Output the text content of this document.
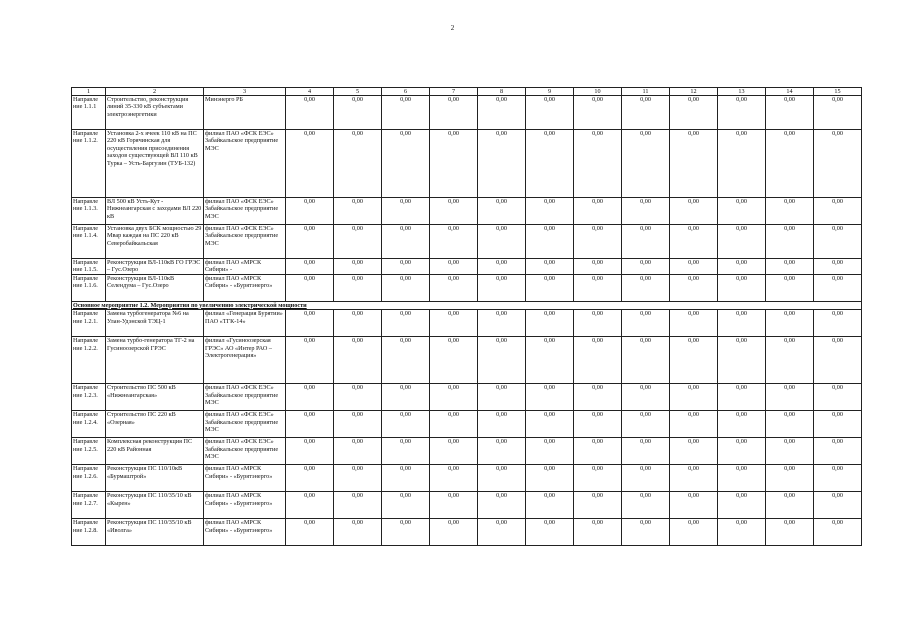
2
1	2	3	4	5	6	7	8	9	10	11	12	13	14	15
Направле ние 1.1.1	Строительство, реконструкция линий 35-330 кВ субъектами электроэнергетики	Минэнерго РБ	0,00	0,00	0,00	0,00	0,00	0,00	0,00	0,00	0,00	0,00	0,00	0,00
Направле ние 1.1.2.	Установка 2-х ячеек 110 кВ на ПС 220 кВ Горячинская для осуществления присоединения заходов существующей ВЛ 110 кВ Турка – Усть-Баргузин (ТУБ-132)	филиал ПАО «ФСК ЕЭС» Забайкальское предприятие МЭС	0,00	0,00	0,00	0,00	0,00	0,00	0,00	0,00	0,00	0,00	0,00	0,00
Направле ние 1.1.3.	ВЛ 500 кВ Усть-Кут - Нижнеангарская с заходами ВЛ 220 кВ	филиал ПАО «ФСК ЕЭС» Забайкальское предприятие МЭС	0,00	0,00	0,00	0,00	0,00	0,00	0,00	0,00	0,00	0,00	0,00	0,00
Направле ние 1.1.4.	Установка двух БСК мощностью 29 Мвар каждая на ПС 220 кВ Северобайкальская	филиал ПАО «ФСК ЕЭС» Забайкальское предприятие МЭС	0,00	0,00	0,00	0,00	0,00	0,00	0,00	0,00	0,00	0,00	0,00	0,00
Направле ние 1.1.5.	Реконструкция ВЛ-110кВ ГО ГРЭС – Гус.Озеро	филиал ПАО «МРСК Сибири» -	0,00	0,00	0,00	0,00	0,00	0,00	0,00	0,00	0,00	0,00	0,00	0,00
Направле ние 1.1.6.	Реконструкция ВЛ-110кВ Селендума – Гус.Озеро	филиал ПАО «МРСК Сибири» - «Бурятэнерго»	0,00	0,00	0,00	0,00	0,00	0,00	0,00	0,00	0,00	0,00	0,00	0,00
Основное мероприятие 1.2. Мероприятия по увеличению электрической мощности														
Направле ние 1.2.1.	Замена турбогенератора №6 на Улан-Удэнской ТЭЦ-1	филиал «Генерация Бурятии» ПАО «ТГК-14»	0,00	0,00	0,00	0,00	0,00	0,00	0,00	0,00	0,00	0,00	0,00	0,00
Направле ние 1.2.2.	Замена турбо-генератора ТГ-2 на Гусиноозерской ГРЭС	филиал «Гусиноозерская ГРЭС» АО «Интер РАО – Электрогенерация»	0,00	0,00	0,00	0,00	0,00	0,00	0,00	0,00	0,00	0,00	0,00	0,00
Направле ние 1.2.3.	Строительство ПС 500 кВ «Нижнеангарская»	филиал ПАО «ФСК ЕЭС» Забайкальское предприятие МЭС	0,00	0,00	0,00	0,00	0,00	0,00	0,00	0,00	0,00	0,00	0,00	0,00
Направле ние 1.2.4.	Строительство ПС 220 кВ «Озерная»	филиал ПАО «ФСК ЕЭС» Забайкальское предприятие МЭС	0,00	0,00	0,00	0,00	0,00	0,00	0,00	0,00	0,00	0,00	0,00	0,00
Направле ние 1.2.5.	Комплексная реконструкция ПС 220 кВ Районная	филиал ПАО «ФСК ЕЭС» Забайкальское предприятие МЭС	0,00	0,00	0,00	0,00	0,00	0,00	0,00	0,00	0,00	0,00	0,00	0,00
Направле ние 1.2.6.	Реконструкция ПС 110/10кВ «Бурмаштрой»	филиал ПАО «МРСК Сибири» - «Бурятэнерго»	0,00	0,00	0,00	0,00	0,00	0,00	0,00	0,00	0,00	0,00	0,00	0,00
Направле ние 1.2.7.	Реконструкция ПС 110/35/10 кВ «Кырен»	филиал ПАО «МРСК Сибири» - «Бурятэнерго»	0,00	0,00	0,00	0,00	0,00	0,00	0,00	0,00	0,00	0,00	0,00	0,00
Направле ние 1.2.8.	Реконструкция ПС 110/35/10 кВ «Иволга»	филиал ПАО «МРСК Сибири» - «Бурятэнерго»	0,00	0,00	0,00	0,00	0,00	0,00	0,00	0,00	0,00	0,00	0,00	0,00
